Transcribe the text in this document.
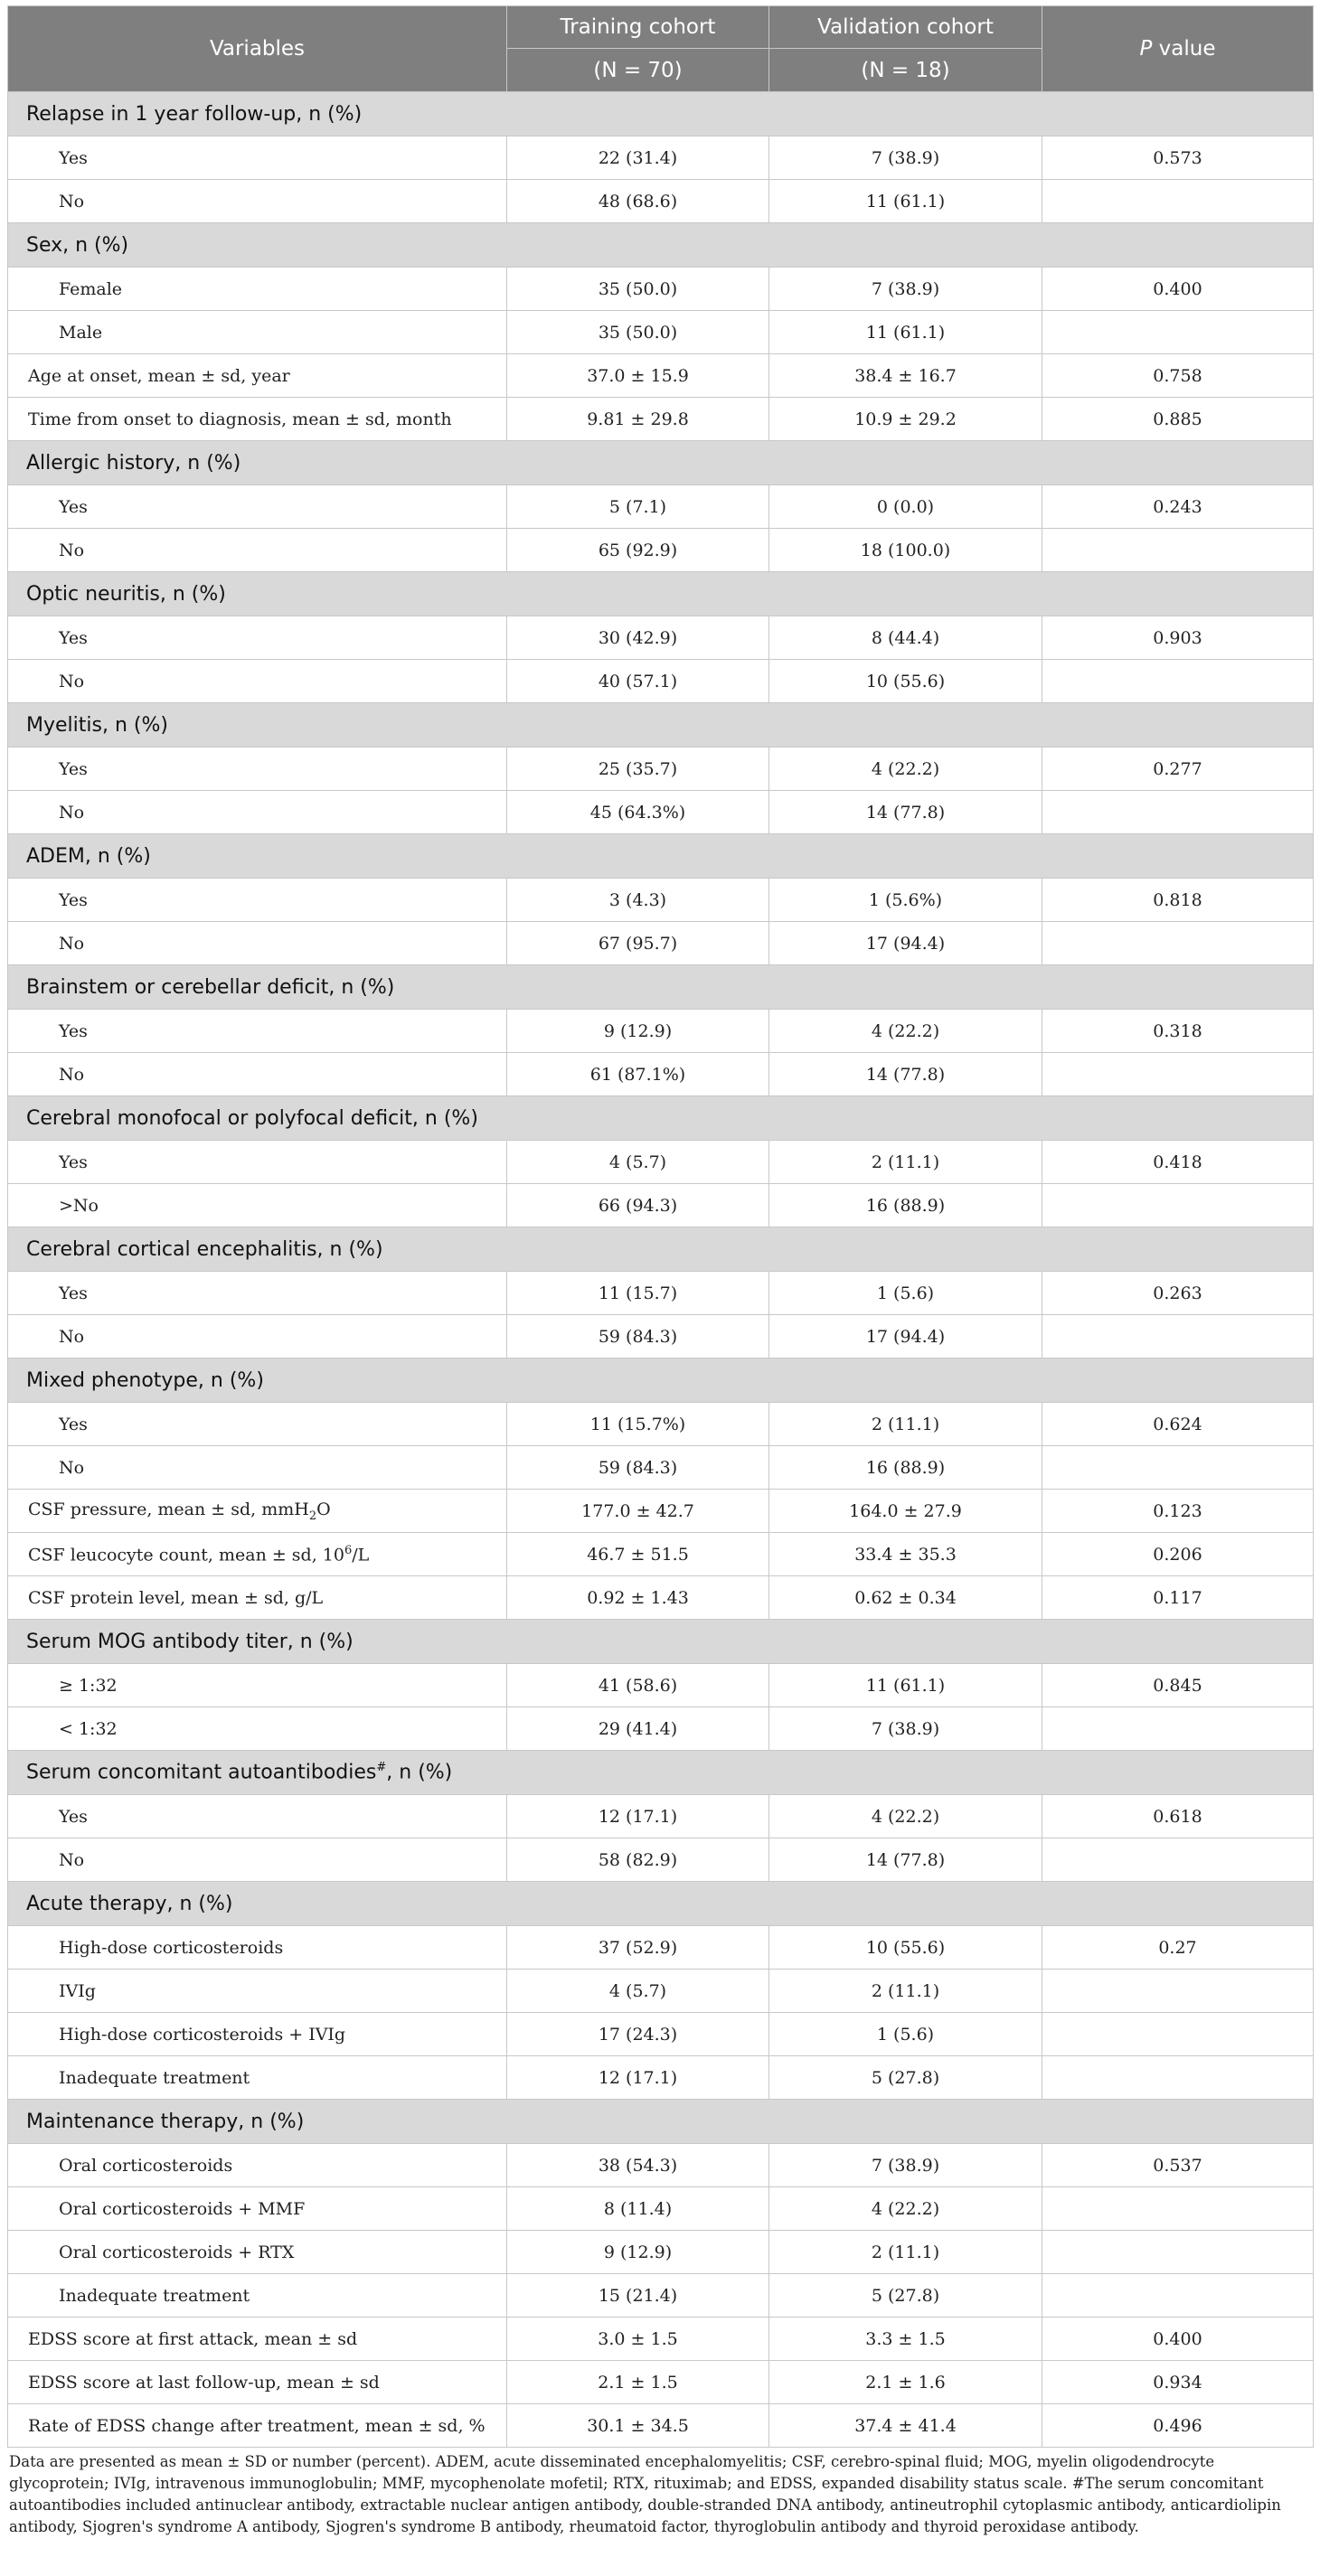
Variables	Training cohort	Validation cohort	P value
	(N = 70)	(N = 18)	
Relapse in 1 year follow-up, n (%)			
Yes	22 (31.4)	7 (38.9)	0.573
No	48 (68.6)	11 (61.1)	
Sex, n (%)			
Female	35 (50.0)	7 (38.9)	0.400
Male	35 (50.0)	11 (61.1)	
Age at onset, mean ± sd, year	37.0 ± 15.9	38.4 ± 16.7	0.758
Time from onset to diagnosis, mean ± sd, month	9.81 ± 29.8	10.9 ± 29.2	0.885
Allergic history, n (%)			
Yes	5 (7.1)	0 (0.0)	0.243
No	65 (92.9)	18 (100.0)	
Optic neuritis, n (%)			
Yes	30 (42.9)	8 (44.4)	0.903
No	40 (57.1)	10 (55.6)	
Myelitis, n (%)			
Yes	25 (35.7)	4 (22.2)	0.277
No	45 (64.3%)	14 (77.8)	
ADEM, n (%)			
Yes	3 (4.3)	1 (5.6%)	0.818
No	67 (95.7)	17 (94.4)	
Brainstem or cerebellar deficit, n (%)			
Yes	9 (12.9)	4 (22.2)	0.318
No	61 (87.1%)	14 (77.8)	
Cerebral monofocal or polyfocal deficit, n (%)			
Yes	4 (5.7)	2 (11.1)	0.418
>No	66 (94.3)	16 (88.9)	
Cerebral cortical encephalitis, n (%)			
Yes	11 (15.7)	1 (5.6)	0.263
No	59 (84.3)	17 (94.4)	
Mixed phenotype, n (%)			
Yes	11 (15.7%)	2 (11.1)	0.624
No	59 (84.3)	16 (88.9)	
CSF pressure, mean ± sd, mmH$_2$O	177.0 ± 42.7	164.0 ± 27.9	0.123
CSF leucocyte count, mean ± sd, $10^6/L$	46.7 ± 51.5	33.4 ± 35.3	0.206
CSF protein level, mean ± sd, g/L	0.92 ± 1.43	0.62 ± 0.34	0.117
Serum MOG antibody titer, n (%)			
≥ 1:32	41 (58.6)	11 (61.1)	0.845
< 1:32	29 (41.4)	7 (38.9)	
Serum concomitant autoantibodies#, n (%)			
Yes	12 (17.1)	4 (22.2)	0.618
No	58 (82.9)	14 (77.8)	
Acute therapy, n (%)			
High-dose corticosteroids	37 (52.9)	10 (55.6)	0.27
IVIg	4 (5.7)	2 (11.1)	
High-dose corticosteroids + IVIg	17 (24.3)	1 (5.6)	
Inadequate treatment	12 (17.1)	5 (27.8)	
Maintenance therapy, n (%)			
Oral corticosteroids	38 (54.3)	7 (38.9)	0.537
Oral corticosteroids + MMF	8 (11.4)	4 (22.2)	
Oral corticosteroids + RTX	9 (12.9)	2 (11.1)	
Inadequate treatment	15 (21.4)	5 (27.8)	
EDSS score at first attack, mean ± sd	3.0 ± 1.5	3.3 ± 1.5	0.400
EDSS score at last follow-up, mean ± sd	2.1 ± 1.5	2.1 ± 1.6	0.934
Rate of EDSS change after treatment, mean ± sd, %	30.1 ± 34.5	37.4 ± 41.4	0.496
Data are presented as mean ± SD or number (percent). ADEM, acute disseminated encephalomyelitis; CSF, cerebro-spinal fluid; MOG, myelin oligodendrocyte glycoprotein; IVIg, intravenous immunoglobulin; MMF, mycophenolate mofetil; RTX, rituximab; and EDSS, expanded disability status scale. #The serum concomitant autoantibodies included antinuclear antibody, extractable nuclear antigen antibody, double-stranded DNA antibody, antineutrophil cytoplasmic antibody, anticardiolipin antibody, Sjogren's syndrome A antibody, Sjogren's syndrome B antibody, rheumatoid factor, thyroglobulin antibody and thyroid peroxidase antibody.
